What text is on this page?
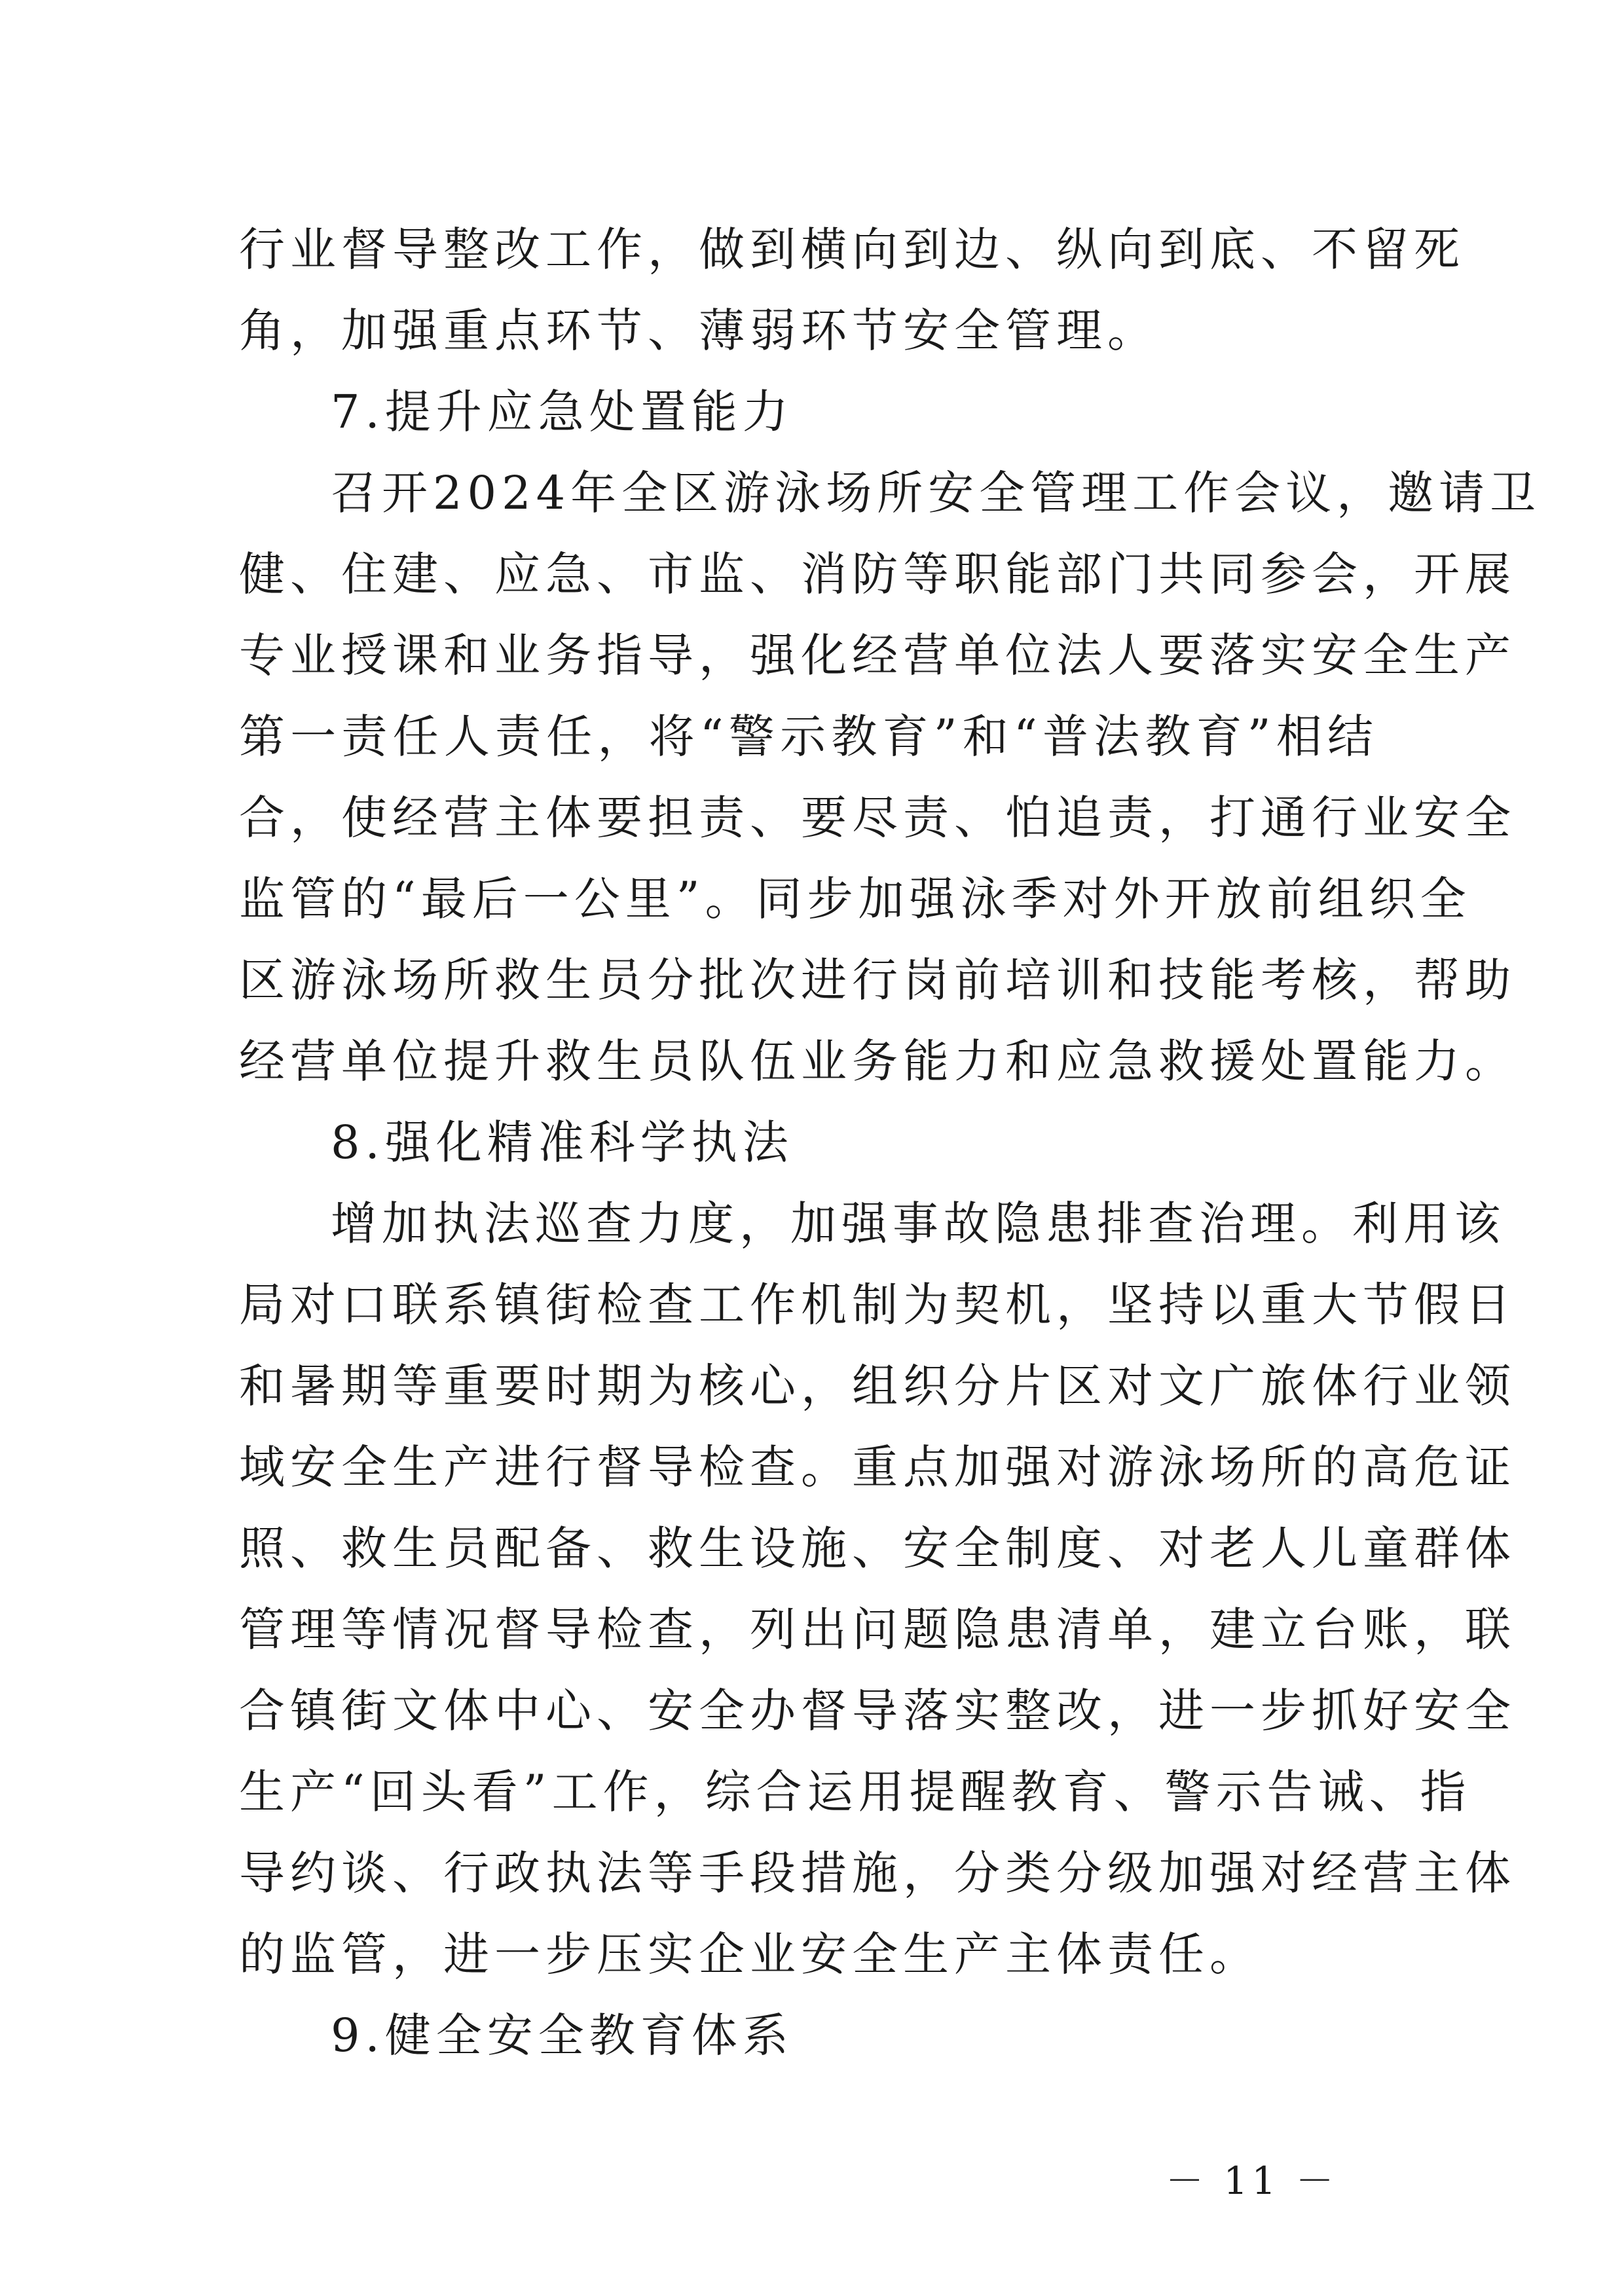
行业督导整改工作，做到横向到边、纵向到底、不留死
角，加强重点环节、薄弱环节安全管理。
7.提升应急处置能力
召开2024年全区游泳场所安全管理工作会议，邀请卫
健、住建、应急、市监、消防等职能部门共同参会，开展
专业授课和业务指导，强化经营单位法人要落实安全生产
第一责任人责任，将“警示教育”和“普法教育”相结
合，使经营主体要担责、要尽责、怕追责，打通行业安全
监管的“最后一公里”。同步加强泳季对外开放前组织全
区游泳场所救生员分批次进行岗前培训和技能考核，帮助
经营单位提升救生员队伍业务能力和应急救援处置能力。
8.强化精准科学执法
增加执法巡查力度，加强事故隐患排查治理。利用该
局对口联系镇街检查工作机制为契机，坚持以重大节假日
和暑期等重要时期为核心，组织分片区对文广旅体行业领
域安全生产进行督导检查。重点加强对游泳场所的高危证
照、救生员配备、救生设施、安全制度、对老人儿童群体
管理等情况督导检查，列出问题隐患清单，建立台账，联
合镇街文体中心、安全办督导落实整改，进一步抓好安全
生产“回头看”工作，综合运用提醒教育、警示告诫、指
导约谈、行政执法等手段措施，分类分级加强对经营主体
的监管，进一步压实企业安全生产主体责任。
9.健全安全教育体系
－ 11 －
